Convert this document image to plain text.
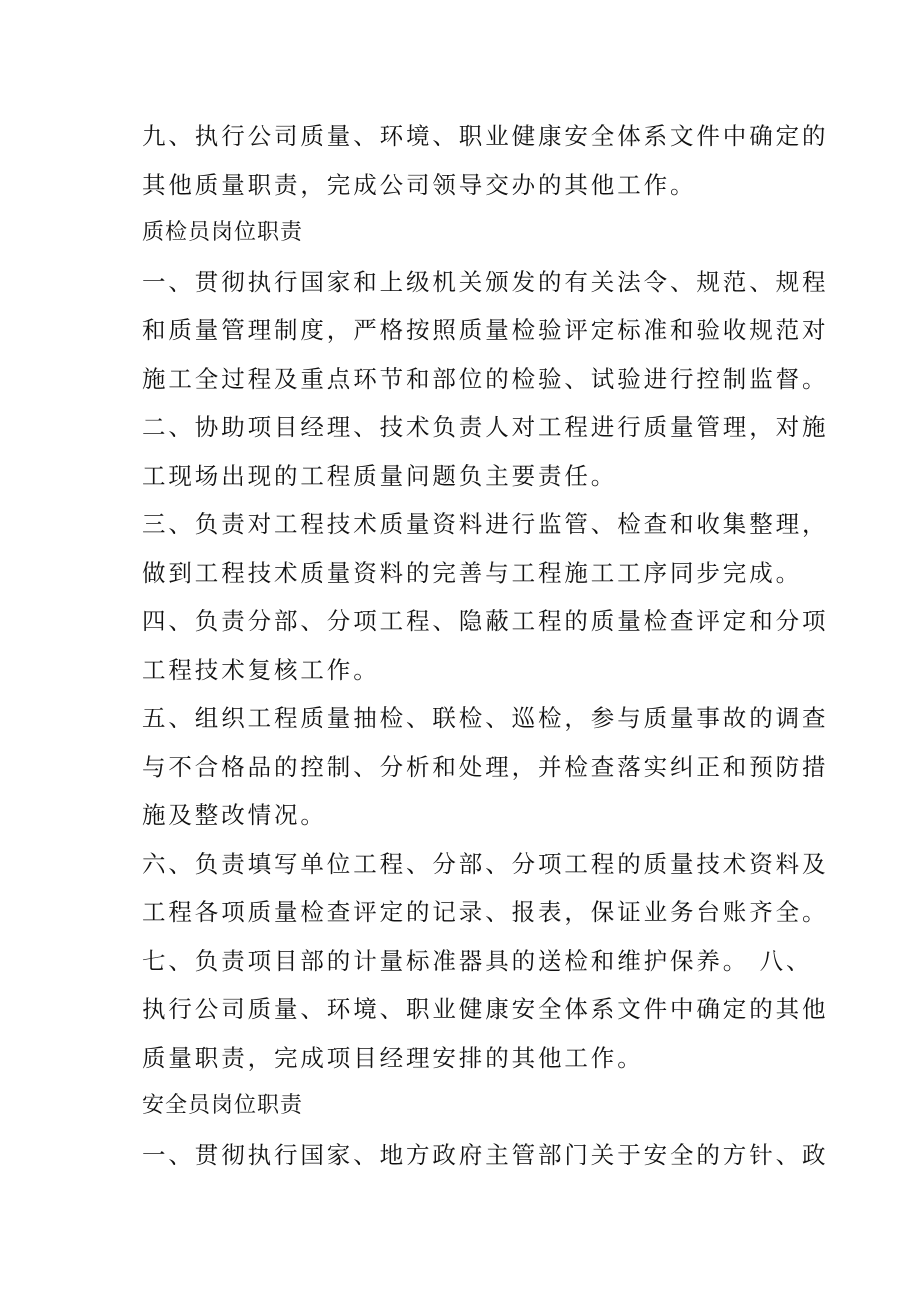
九、执行公司质量、环境、职业健康安全体系文件中确定的
其他质量职责，完成公司领导交办的其他工作。
质检员岗位职责
一、贯彻执行国家和上级机关颁发的有关法令、规范、规程
和质量管理制度，严格按照质量检验评定标准和验收规范对
施工全过程及重点环节和部位的检验、试验进行控制监督。
二、协助项目经理、技术负责人对工程进行质量管理，对施
工现场出现的工程质量问题负主要责任。
三、负责对工程技术质量资料进行监管、检查和收集整理，
做到工程技术质量资料的完善与工程施工工序同步完成。
四、负责分部、分项工程、隐蔽工程的质量检查评定和分项
工程技术复核工作。
五、组织工程质量抽检、联检、巡检，参与质量事故的调查
与不合格品的控制、分析和处理，并检查落实纠正和预防措
施及整改情况。
六、负责填写单位工程、分部、分项工程的质量技术资料及
工程各项质量检查评定的记录、报表，保证业务台账齐全。
七、负责项目部的计量标准器具的送检和维护保养。 八、
执行公司质量、环境、职业健康安全体系文件中确定的其他
质量职责，完成项目经理安排的其他工作。
安全员岗位职责
一、贯彻执行国家、地方政府主管部门关于安全的方针、政
